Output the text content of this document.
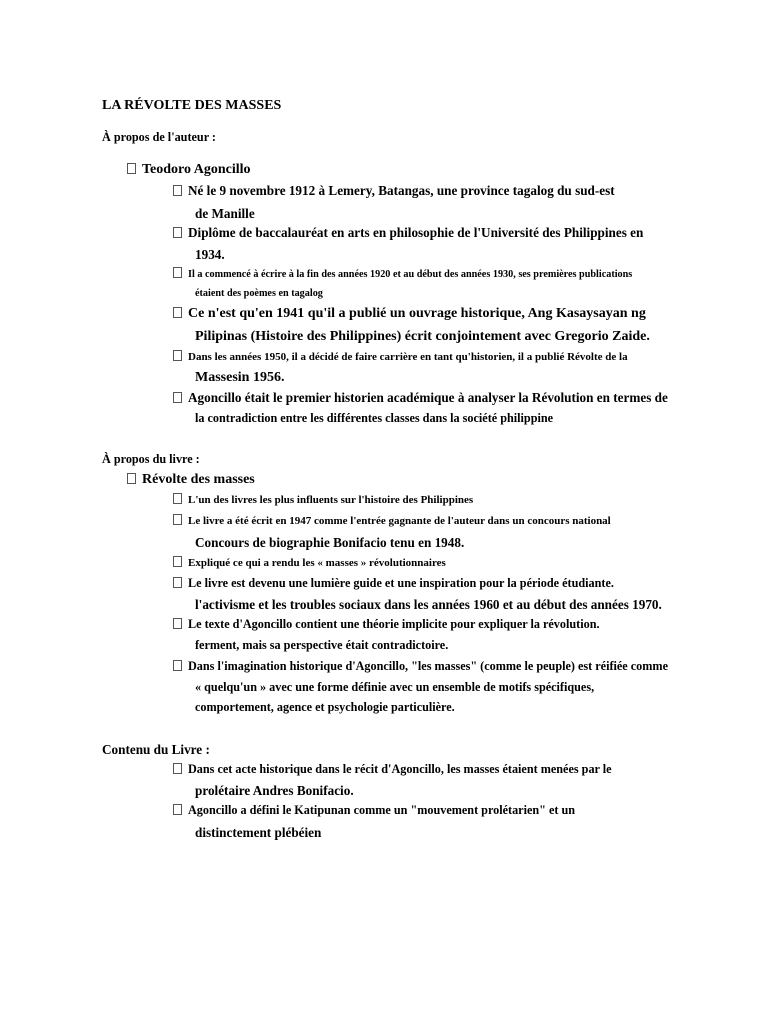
LA RÉVOLTE DES MASSES
À propos de l'auteur :
Teodoro Agoncillo
Né le 9 novembre 1912 à Lemery, Batangas, une province tagalog du sud-est
de Manille
Diplôme de baccalauréat en arts en philosophie de l'Université des Philippines en
1934.
Il a commencé à écrire à la fin des années 1920 et au début des années 1930, ses premières publications
étaient des poèmes en tagalog
Ce n'est qu'en 1941 qu'il a publié un ouvrage historique, Ang Kasaysayan ng
Pilipinas (Histoire des Philippines) écrit conjointement avec Gregorio Zaide.
Dans les années 1950, il a décidé de faire carrière en tant qu'historien, il a publié Révolte de la
Massesin 1956.
Agoncillo était le premier historien académique à analyser la Révolution en termes de
la contradiction entre les différentes classes dans la société philippine
À propos du livre :
Révolte des masses
L'un des livres les plus influents sur l'histoire des Philippines
Le livre a été écrit en 1947 comme l'entrée gagnante de l'auteur dans un concours national
Concours de biographie Bonifacio tenu en 1948.
Expliqué ce qui a rendu les « masses » révolutionnaires
Le livre est devenu une lumière guide et une inspiration pour la période étudiante.
l'activisme et les troubles sociaux dans les années 1960 et au début des années 1970.
Le texte d'Agoncillo contient une théorie implicite pour expliquer la révolution.
ferment, mais sa perspective était contradictoire.
Dans l'imagination historique d'Agoncillo, "les masses" (comme le peuple) est réifiée comme
« quelqu'un » avec une forme définie avec un ensemble de motifs spécifiques,
comportement, agence et psychologie particulière.
Contenu du Livre :
Dans cet acte historique dans le récit d'Agoncillo, les masses étaient menées par le
prolétaire Andres Bonifacio.
Agoncillo a défini le Katipunan comme un "mouvement prolétarien" et un
distinctement plébéien
